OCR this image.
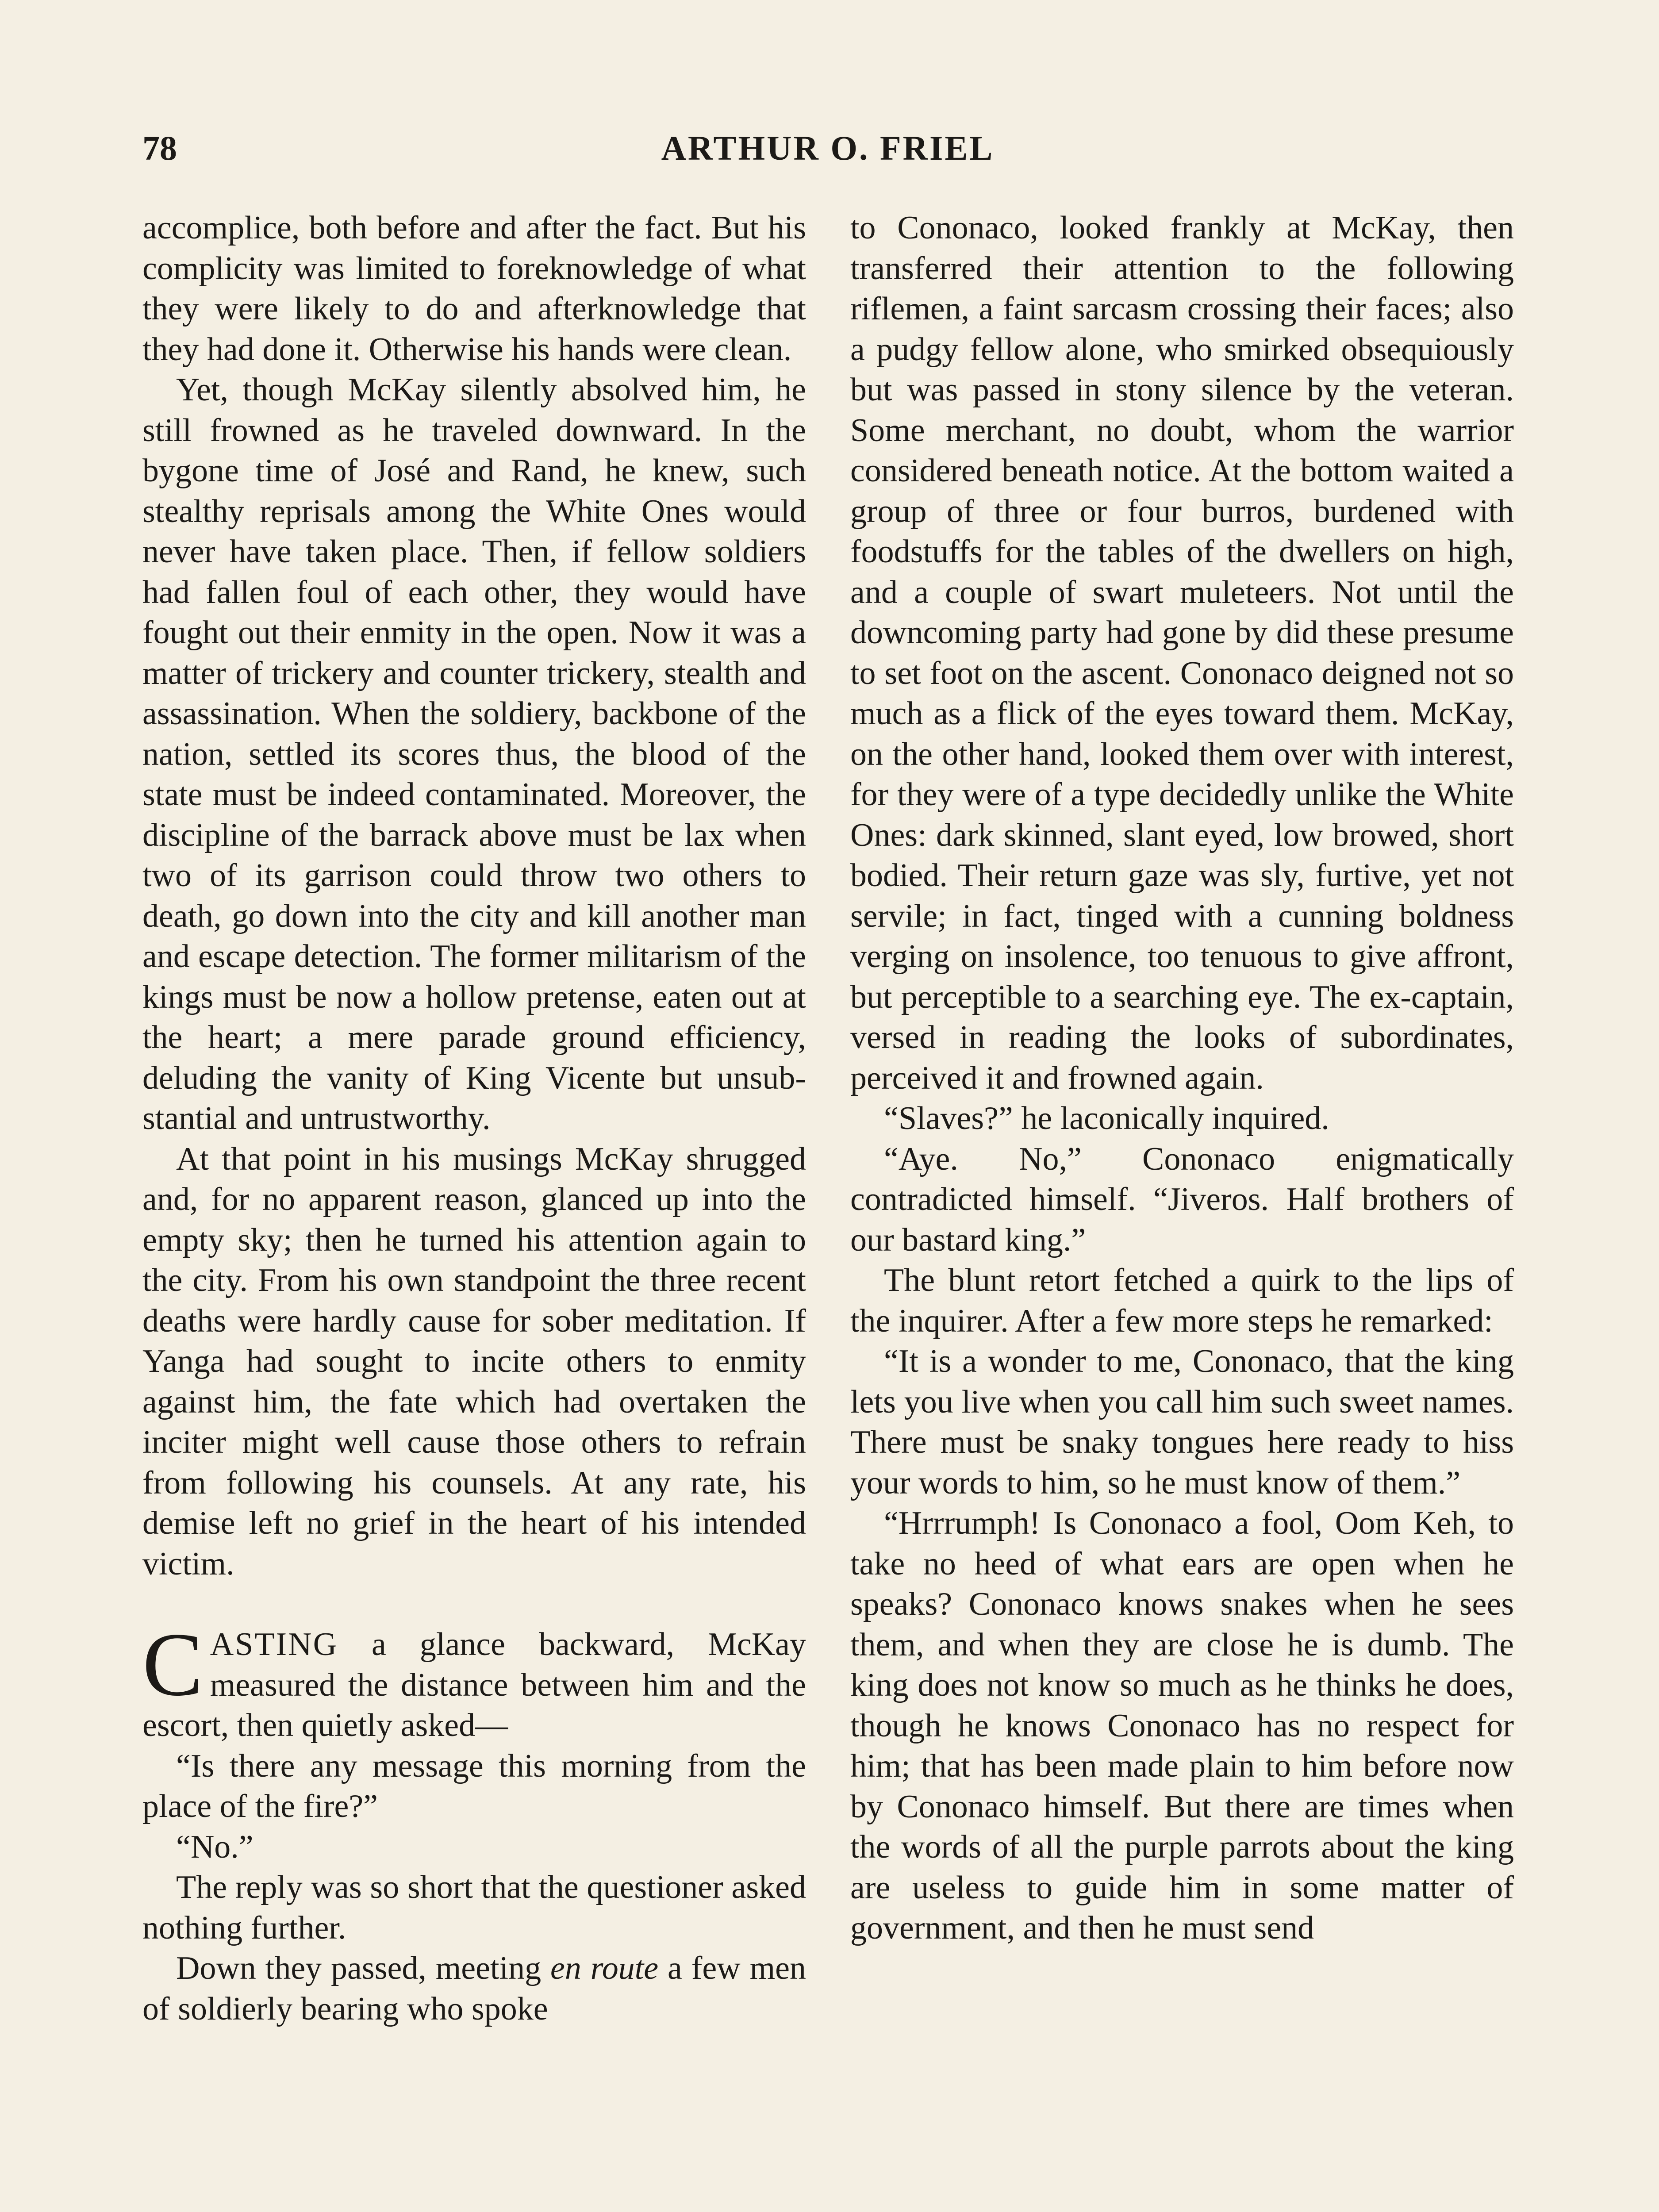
78	ARTHUR O. FRIEL

accomplice, both before and after the fact. But his complicity was limited to foreknowledge of what they were likely to do and afterknowledge that they had done it. Otherwise his hands were clean.

Yet, though McKay silently absolved him, he still frowned as he traveled downward. In the bygone time of José and Rand, he knew, such stealthy reprisals among the White Ones would never have taken place. Then, if fellow soldiers had fallen foul of each other, they would have fought out their enmity in the open. Now it was a matter of trickery and counter trickery, stealth and assassination. When the soldiery, backbone of the nation, settled its scores thus, the blood of the state must be indeed contaminated. Moreover, the discipline of the barrack above must be lax when two of its garrison could throw two others to death, go down into the city and kill another man and escape detection. The former militarism of the kings must be now a hollow pretense, eaten out at the heart; a mere parade ground efficiency, deluding the vanity of King Vicente but unsubstantial and untrustworthy.

At that point in his musings McKay shrugged and, for no apparent reason, glanced up into the empty sky; then he turned his attention again to the city. From his own standpoint the three recent deaths were hardly cause for sober meditation. If Yanga had sought to incite others to enmity against him, the fate which had overtaken the inciter might well cause those others to refrain from following his counsels. At any rate, his demise left no grief in the heart of his intended victim.

CASTING a glance backward, McKay measured the distance between him and the escort, then quietly asked—

“Is there any message this morning from the place of the fire?”

“No.”

The reply was so short that the questioner asked nothing further.

Down they passed, meeting en route a few men of soldierly bearing who spoke

to Cononaco, looked frankly at McKay, then transferred their attention to the following riflemen, a faint sarcasm crossing their faces; also a pudgy fellow alone, who smirked obsequiously but was passed in stony silence by the veteran. Some merchant, no doubt, whom the warrior considered beneath notice. At the bottom waited a group of three or four burros, burdened with foodstuffs for the tables of the dwellers on high, and a couple of swart muleteers. Not until the downcoming party had gone by did these presume to set foot on the ascent. Cononaco deigned not so much as a flick of the eyes toward them. McKay, on the other hand, looked them over with interest, for they were of a type decidedly unlike the White Ones: dark skinned, slant eyed, low browed, short bodied. Their return gaze was sly, furtive, yet not servile; in fact, tinged with a cunning boldness verging on insolence, too tenuous to give affront, but perceptible to a searching eye. The ex-captain, versed in reading the looks of subordinates, perceived it and frowned again.

“Slaves?” he laconically inquired.

“Aye. No,” Cononaco enigmatically contradicted himself. “Jiveros. Half brothers of our bastard king.”

The blunt retort fetched a quirk to the lips of the inquirer. After a few more steps he remarked:

“It is a wonder to me, Cononaco, that the king lets you live when you call him such sweet names. There must be snaky tongues here ready to hiss your words to him, so he must know of them.”

“Hrrrumph! Is Cononaco a fool, Oom Keh, to take no heed of what ears are open when he speaks? Cononaco knows snakes when he sees them, and when they are close he is dumb. The king does not know so much as he thinks he does, though he knows Cononaco has no respect for him; that has been made plain to him before now by Cononaco himself. But there are times when the words of all the purple parrots about the king are useless to guide him in some matter of government, and then he must send
